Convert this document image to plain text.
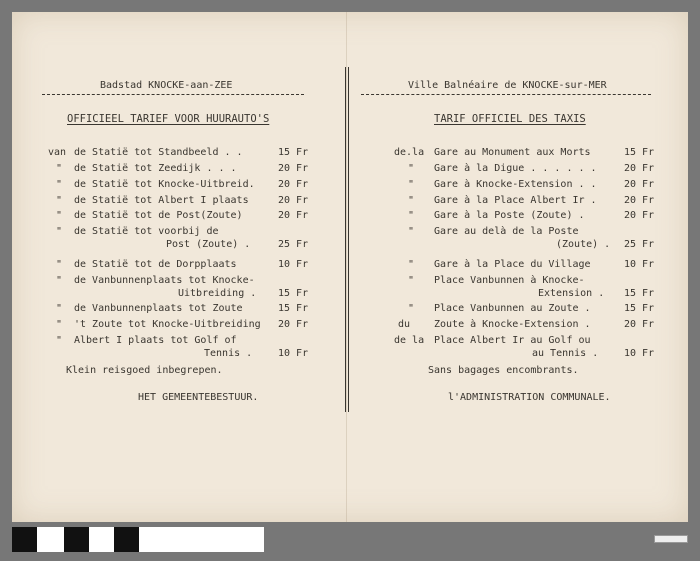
Badstad KNOCKE-aan-ZEE
OFFICIEEL TARIEF VOOR HUURAUTO'S
van de Statië tot Standbeeld . .	15 Fr
" de Statië tot Zeedijk . . .	20 Fr
" de Statië tot Knocke-Uitbreid. 20 Fr
" de Statië tot Albert I plaats	20 Fr
" de Statië tot de Post(Zoute)	20 Fr
" de Statië tot voorbij de
Post (Zoute) .	25 Fr
" de Statië tot de Dorpplaats	10 Fr
" de Vanbunnenplaats tot Knocke-
Uitbreiding . 15 Fr
" de Vanbunnenplaats tot Zoute	15 Fr
" 't Zoute tot Knocke-Uitbreiding 20 Fr
" Albert I plaats tot Golf of
Tennis .	10 Fr
Klein reisgoed inbegrepen.
HET GEMEENTEBESTUUR.
Ville Balnéaire de KNOCKE-sur-MER
TARIF OFFICIEL DES TAXIS
de.la Gare au Monument aux Morts	15 Fr
" Gare à la Digue . . . . . .	20 Fr
" Gare à Knocke-Extension . .	20 Fr
" Gare à la Place Albert Ir .	20 Fr
" Gare à la Poste (Zoute) .	20 Fr
" Gare au delà de la Poste
(Zoute) . 25 Fr
" Gare à la Place du Village	10 Fr
" Place Vanbunnen à Knocke-
Extension . 15 Fr
" Place Vanbunnen au Zoute .	15 Fr
du Zoute à Knocke-Extension .	20 Fr
de la Place Albert Ir au Golf ou
au Tennis .	10 Fr
Sans bagages encombrants.
l'ADMINISTRATION COMMUNALE.
